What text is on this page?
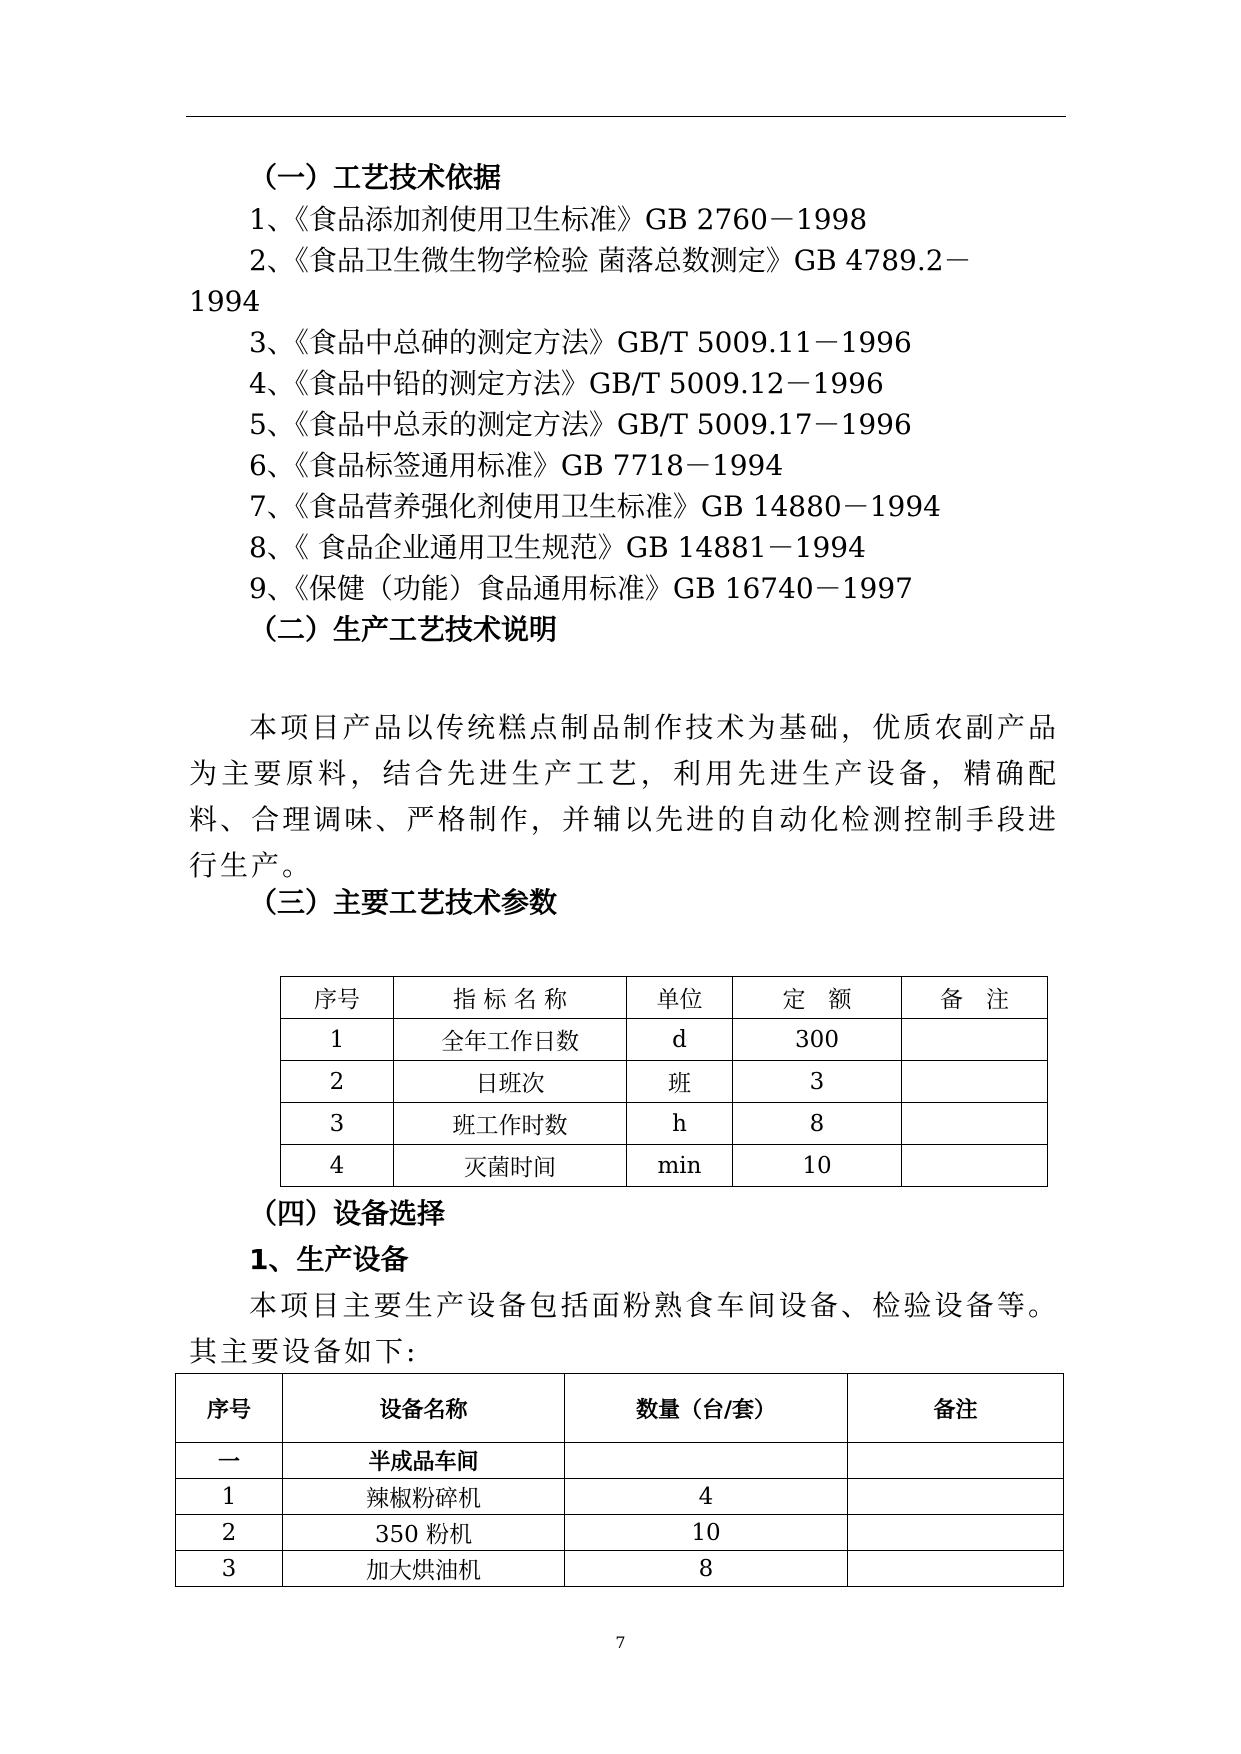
（一）工艺技术依据
1、《食品添加剂使用卫生标准》GB 2760－1998
2、《食品卫生微生物学检验 菌落总数测定》GB 4789.2－
1994
3、《食品中总砷的测定方法》GB/T 5009.11－1996
4、《食品中铅的测定方法》GB/T 5009.12－1996
5、《食品中总汞的测定方法》GB/T 5009.17－1996
6、《食品标签通用标准》GB 7718－1994
7、《食品营养强化剂使用卫生标准》GB 14880－1994
8、《 食品企业通用卫生规范》GB 14881－1994
9、《保健（功能）食品通用标准》GB 16740－1997
（二）生产工艺技术说明
本项目产品以传统糕点制品制作技术为基础，优质农副产品为主要原料，结合先进生产工艺，利用先进生产设备，精确配料、合理调味、严格制作，并辅以先进的自动化检测控制手段进行生产。
（三）主要工艺技术参数
序号	指 标 名 称	单位	定　额	备　注
1	全年工作日数	d	300	
2	日班次	班	3	
3	班工作时数	h	8	
4	灭菌时间	min	10	
（四）设备选择
1、生产设备
本项目主要生产设备包括面粉熟食车间设备、检验设备等。其主要设备如下:
序号	设备名称	数量（台/套）	备注
一	半成品车间		
1	辣椒粉碎机	4	
2	350 粉机	10	
3	加大烘油机	8	
7
